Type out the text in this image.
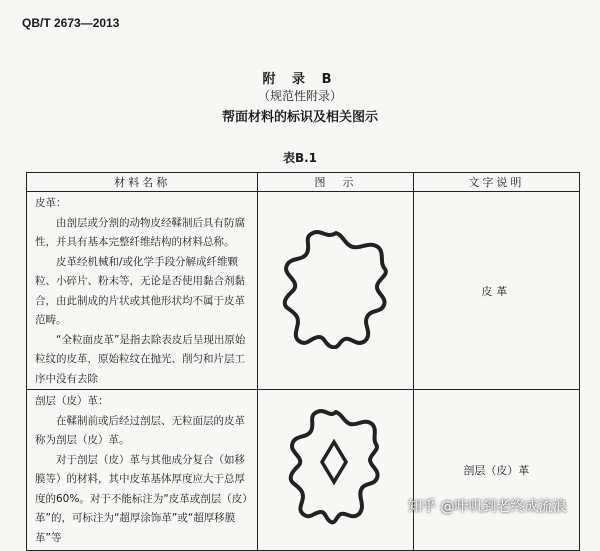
QB/T 2673—2013
附 录 B
（规范性附录）
帮面材料的标识及相关图示
表B.1
材料名称	图　示	文字说明

皮革：

由剖层或分割的动物皮经鞣制后具有防腐性，并具有基本完整纤维结构的材料总称。

皮革经机械和/或化学手段分解成纤维颗粒、小碎片、粉末等，无论是否使用黏合剂黏合，由此制成的片状或其他形状均不属于皮革范畴。

“全粒面皮革”是指去除表皮后呈现出原始粒纹的皮革，原始粒纹在抛光、削匀和片层工序中没有去除		皮革

剖层（皮）革：

在鞣制前或后经过剖层、无粒面层的皮革称为剖层（皮）革。

对于剖层（皮）革与其他成分复合（如移膜等）的材料，其中皮革基体厚度应大于总厚度的60%。对于不能标注为“皮革或剖层（皮）革”的，可标注为“超厚涂饰革”或“超厚移膜革”等		剖层（皮）革
知乎 @咔叽到老终成流浪
